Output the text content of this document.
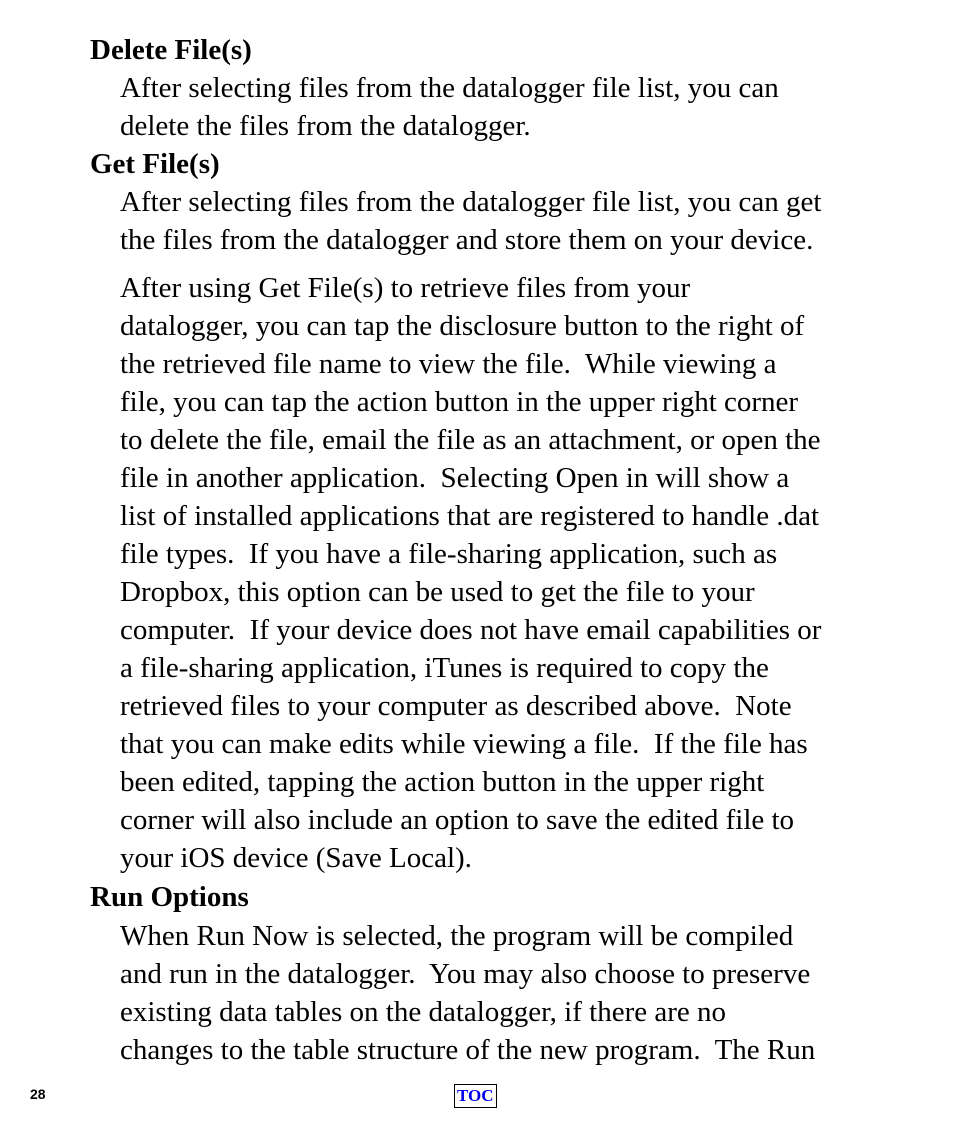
Delete File(s)

After selecting files from the datalogger file list, you can
delete the files from the datalogger.

Get File(s)

After selecting files from the datalogger file list, you can get
the files from the datalogger and store them on your device.

After using Get File(s) to retrieve files from your
datalogger, you can tap the disclosure button to the right of
the retrieved file name to view the file.  While viewing a
file, you can tap the action button in the upper right corner
to delete the file, email the file as an attachment, or open the
file in another application.  Selecting Open in will show a
list of installed applications that are registered to handle .dat
file types.  If you have a file-sharing application, such as
Dropbox, this option can be used to get the file to your
computer.  If your device does not have email capabilities or
a file-sharing application, iTunes is required to copy the
retrieved files to your computer as described above.  Note
that you can make edits while viewing a file.  If the file has
been edited, tapping the action button in the upper right
corner will also include an option to save the edited file to
your iOS device (Save Local).

Run Options

When Run Now is selected, the program will be compiled
and run in the datalogger.  You may also choose to preserve
existing data tables on the datalogger, if there are no
changes to the table structure of the new program.  The Run

28	TOC
